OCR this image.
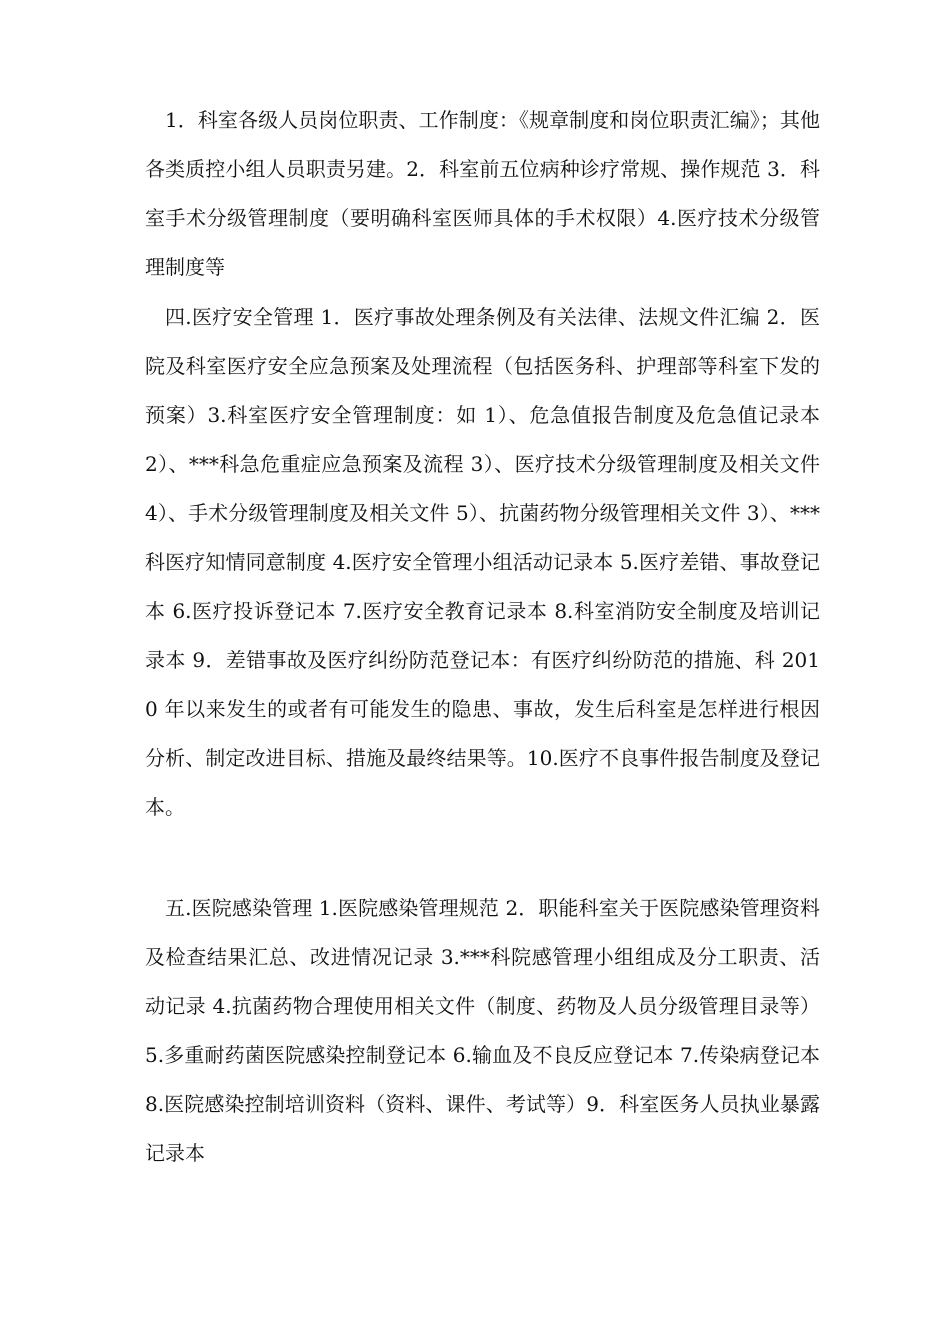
1．科室各级人员岗位职责、工作制度：《规章制度和岗位职责汇编》；其他各类质控小组人员职责另建。2．科室前五位病种诊疗常规、操作规范 3．科室手术分级管理制度（要明确科室医师具体的手术权限）4.医疗技术分级管理制度等

四.医疗安全管理 1．医疗事故处理条例及有关法律、法规文件汇编 2．医院及科室医疗安全应急预案及处理流程（包括医务科、护理部等科室下发的预案）3.科室医疗安全管理制度：如 1）、危急值报告制度及危急值记录本 2）、***科急危重症应急预案及流程 3）、医疗技术分级管理制度及相关文件 4）、手术分级管理制度及相关文件 5）、抗菌药物分级管理相关文件 3）、***科医疗知情同意制度 4.医疗安全管理小组活动记录本 5.医疗差错、事故登记本 6.医疗投诉登记本 7.医疗安全教育记录本 8.科室消防安全制度及培训记录本 9．差错事故及医疗纠纷防范登记本：有医疗纠纷防范的措施、科 2010 年以来发生的或者有可能发生的隐患、事故，发生后科室是怎样进行根因分析、制定改进目标、措施及最终结果等。10.医疗不良事件报告制度及登记本。

五.医院感染管理 1.医院感染管理规范 2．职能科室关于医院感染管理资料及检查结果汇总、改进情况记录 3.***科院感管理小组组成及分工职责、活动记录 4.抗菌药物合理使用相关文件（制度、药物及人员分级管理目录等）5.多重耐药菌医院感染控制登记本 6.输血及不良反应登记本 7.传染病登记本 8.医院感染控制培训资料（资料、课件、考试等）9．科室医务人员执业暴露记录本
